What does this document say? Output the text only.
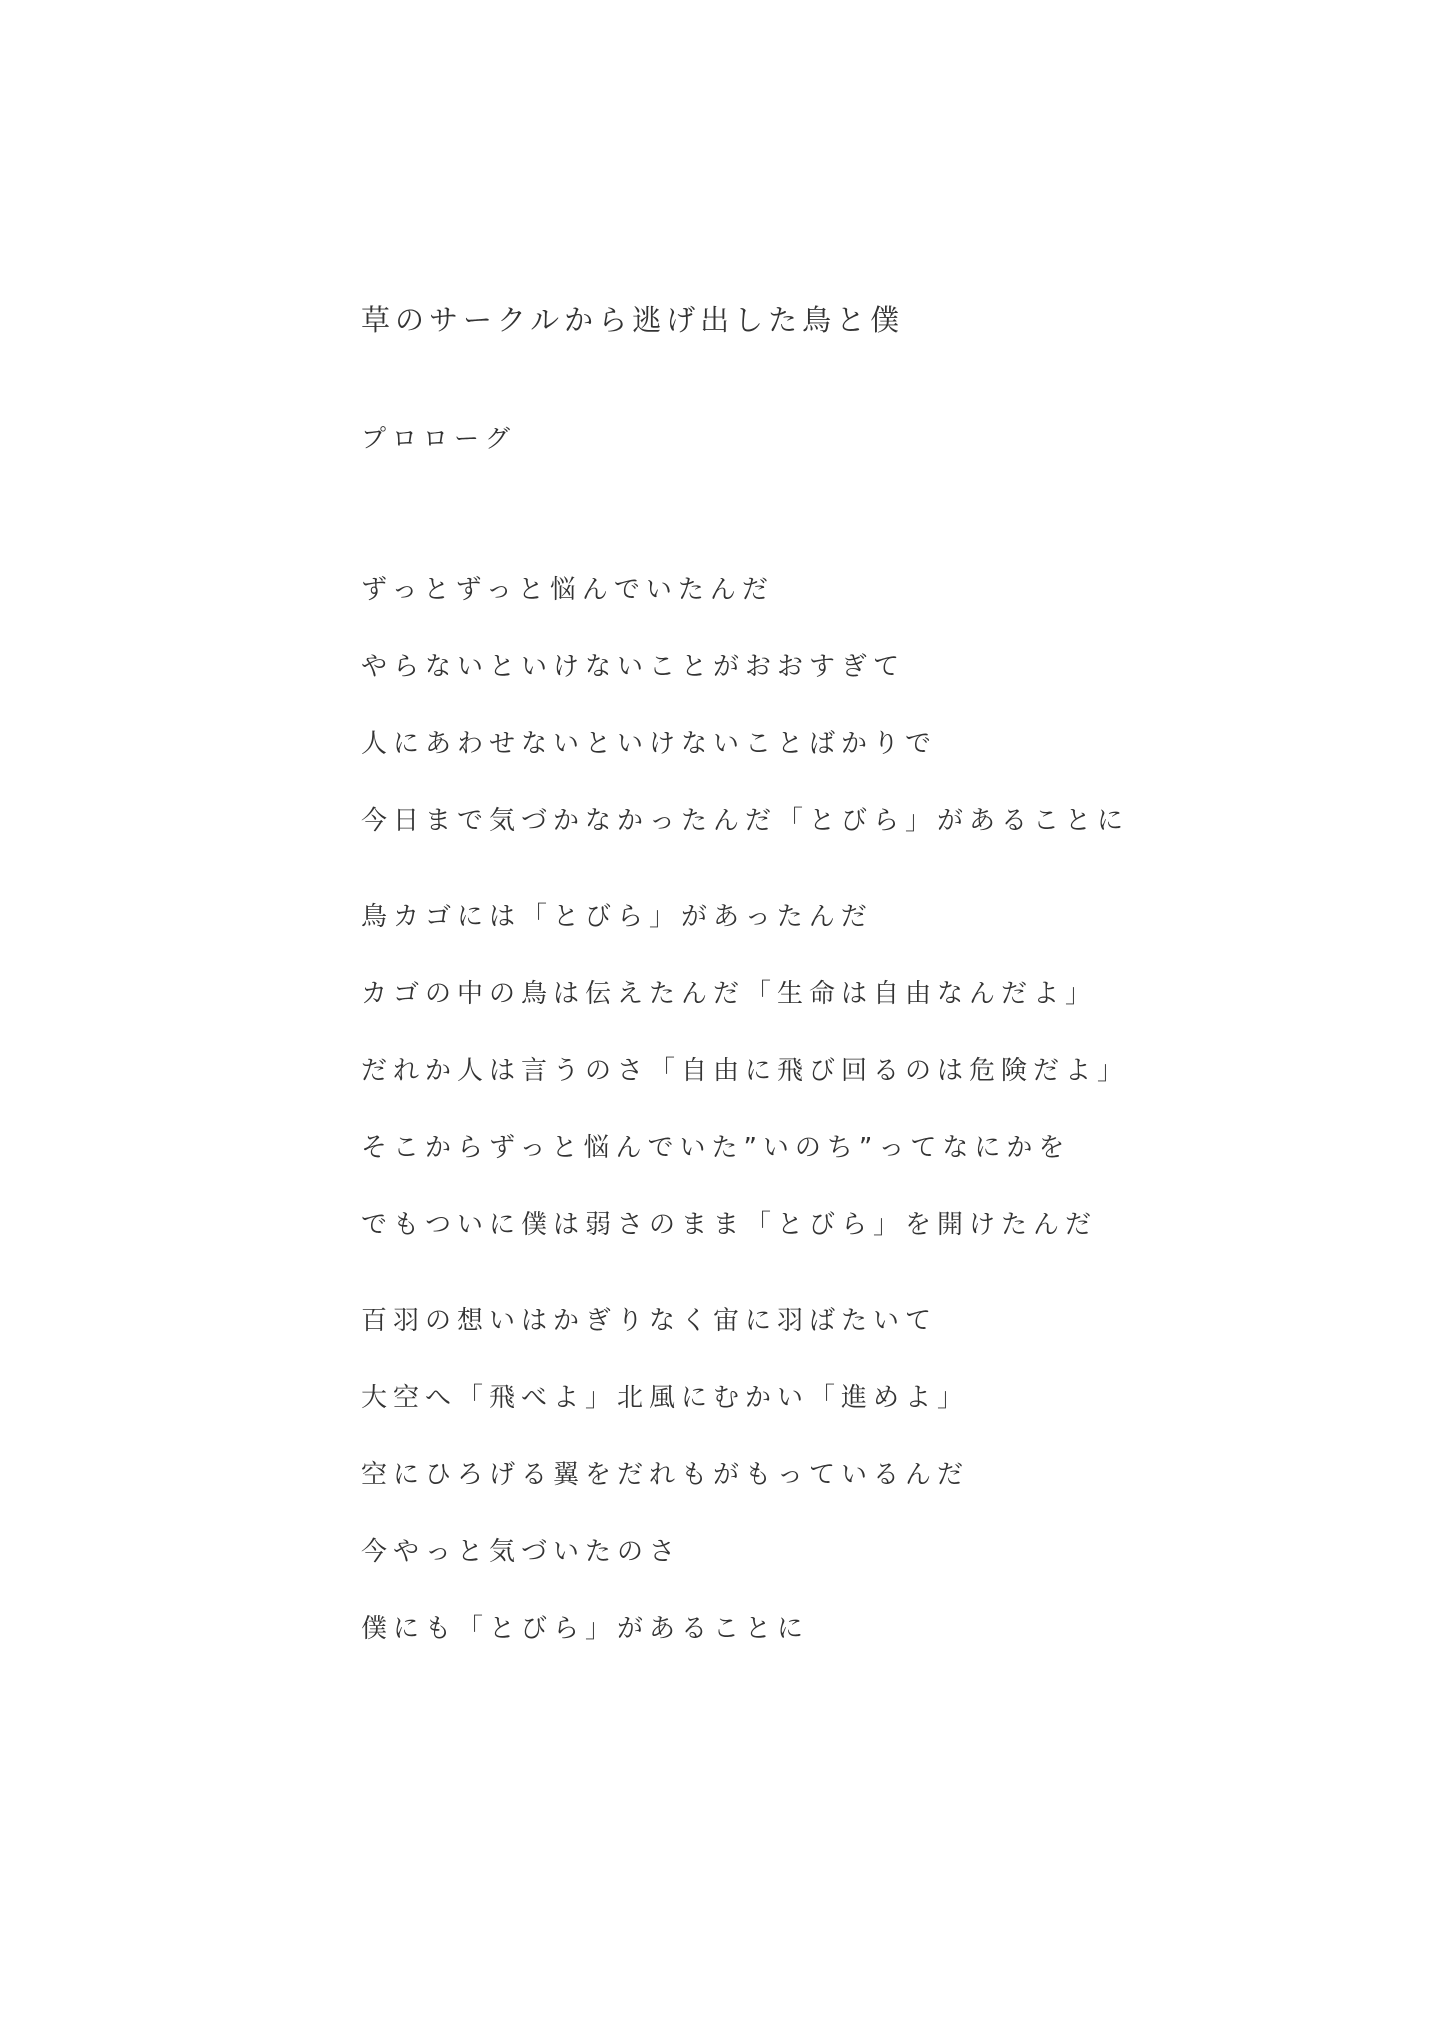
草のサークルから逃げ出した鳥と僕
プロローグ

ずっとずっと悩んでいたんだ

やらないといけないことがおおすぎて

人にあわせないといけないことばかりで

今日まで気づかなかったんだ「とびら」があることに

鳥カゴには「とびら」があったんだ

カゴの中の鳥は伝えたんだ「生命は自由なんだよ」

だれか人は言うのさ「自由に飛び回るのは危険だよ」

そこからずっと悩んでいた”いのち”ってなにかを

でもついに僕は弱さのまま「とびら」を開けたんだ

百羽の想いはかぎりなく宙に羽ばたいて

大空へ「飛べよ」北風にむかい「進めよ」

空にひろげる翼をだれもがもっているんだ

今やっと気づいたのさ

僕にも「とびら」があることに
